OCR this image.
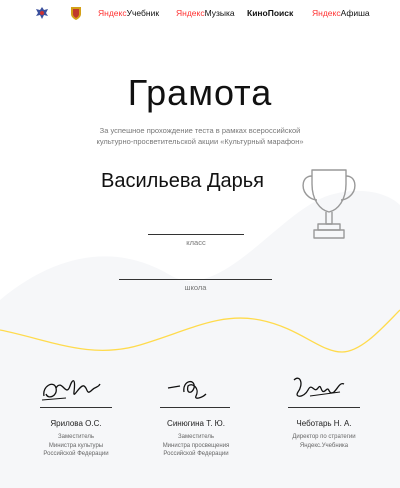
ЯндексУчебник ЯндексМузыка КиноПоиск ЯндексАфиша
Грамота
За успешное прохождение теста в рамках всероссийской
культурно-просветительской акции «Культурный марафон»
Васильева Дарья
класс
школа
Ярилова О.С.
Заместитель
Министра культуры
Российской Федерации
Синюгина Т. Ю.
Заместитель
Министра просвещения
Российской Федерации
Чеботарь Н. А.
Директор по стратегии
Яндекс.Учебника
